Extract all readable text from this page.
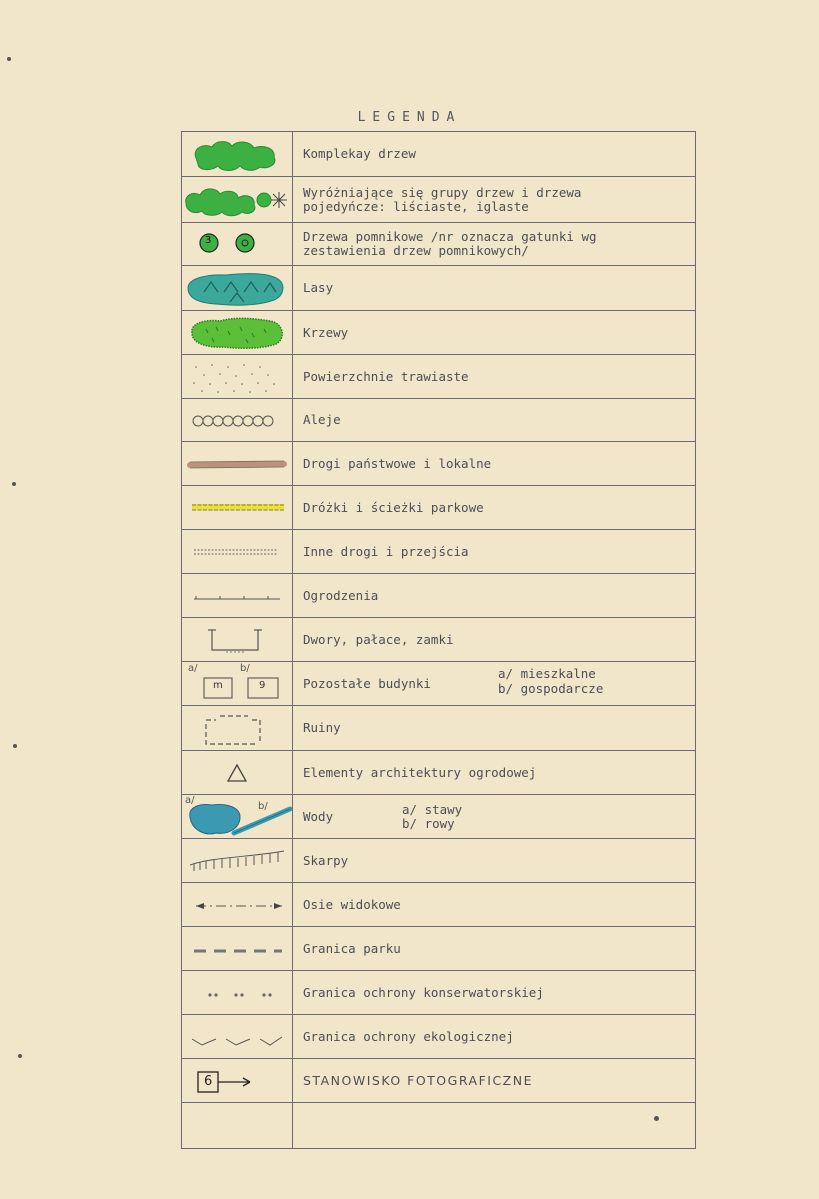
LEGENDA
Komplekay drzew
Wyróżniające się grupy drzew i drzewa
pojedyńcze: liściaste, iglaste
3	Drzewa pomnikowe /nr oznacza gatunki wg
zestawienia drzew pomnikowych/
Lasy
Krzewy
Powierzchnie trawiaste
Aleje
Drogi państwowe i lokalne
Dróżki i ścieżki parkowe
Inne drogi i przejścia
Ogrodzenia
Dwory, pałace, zamki
a/	b/
m	9	Pozostałe budynki
a/ mieszkalne
b/ gospodarcze
Ruiny
Elementy architektury ogrodowej
a/
b/
Wody	a/ stawy
b/ rowy
Skarpy
Osie widokowe
Granica parku
Granica ochrony konserwatorskiej
Granica ochrony ekologicznej
6	STANOWISKO FOTOGRAFICZNE
